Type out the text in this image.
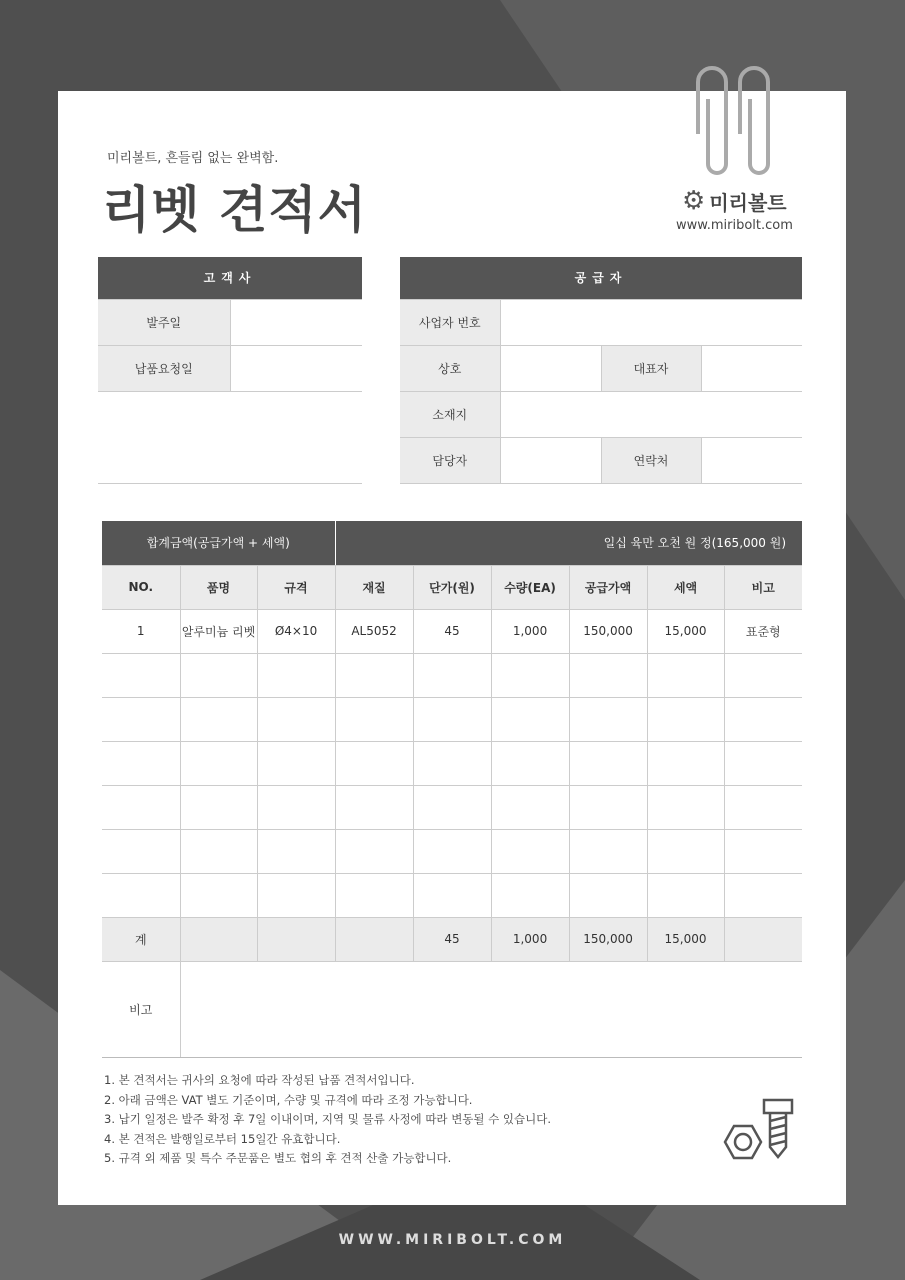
미리볼트, 흔들림 없는 완벽함.
리벳 견적서	⚙ 미리볼트
www.miribolt.com
고객사	
발주일	
납품요청일	

공급자			
사업자 번호			
상호		대표자	
소재지			
담당자		연락처	
합계금액(공급가액 + 세액)			일십 육만 오천 원 정(165,000 원)					
NO.	품명	규격	재질	단가(원)	수량(EA)	공급가액	세액	비고
1	알루미늄 리벳	Ø4×10	AL5052	45	1,000	150,000	15,000	표준형

계				45	1,000	150,000	15,000	
비고								
1. 본 견적서는 귀사의 요청에 따라 작성된 납품 견적서입니다.
2. 아래 금액은 VAT 별도 기준이며, 수량 및 규격에 따라 조정 가능합니다.
3. 납기 일정은 발주 확정 후 7일 이내이며, 지역 및 물류 사정에 따라 변동될 수 있습니다.
4. 본 견적은 발행일로부터 15일간 유효합니다.
5. 규격 외 제품 및 특수 주문품은 별도 협의 후 견적 산출 가능합니다.
WWW.MIRIBOLT.COM
